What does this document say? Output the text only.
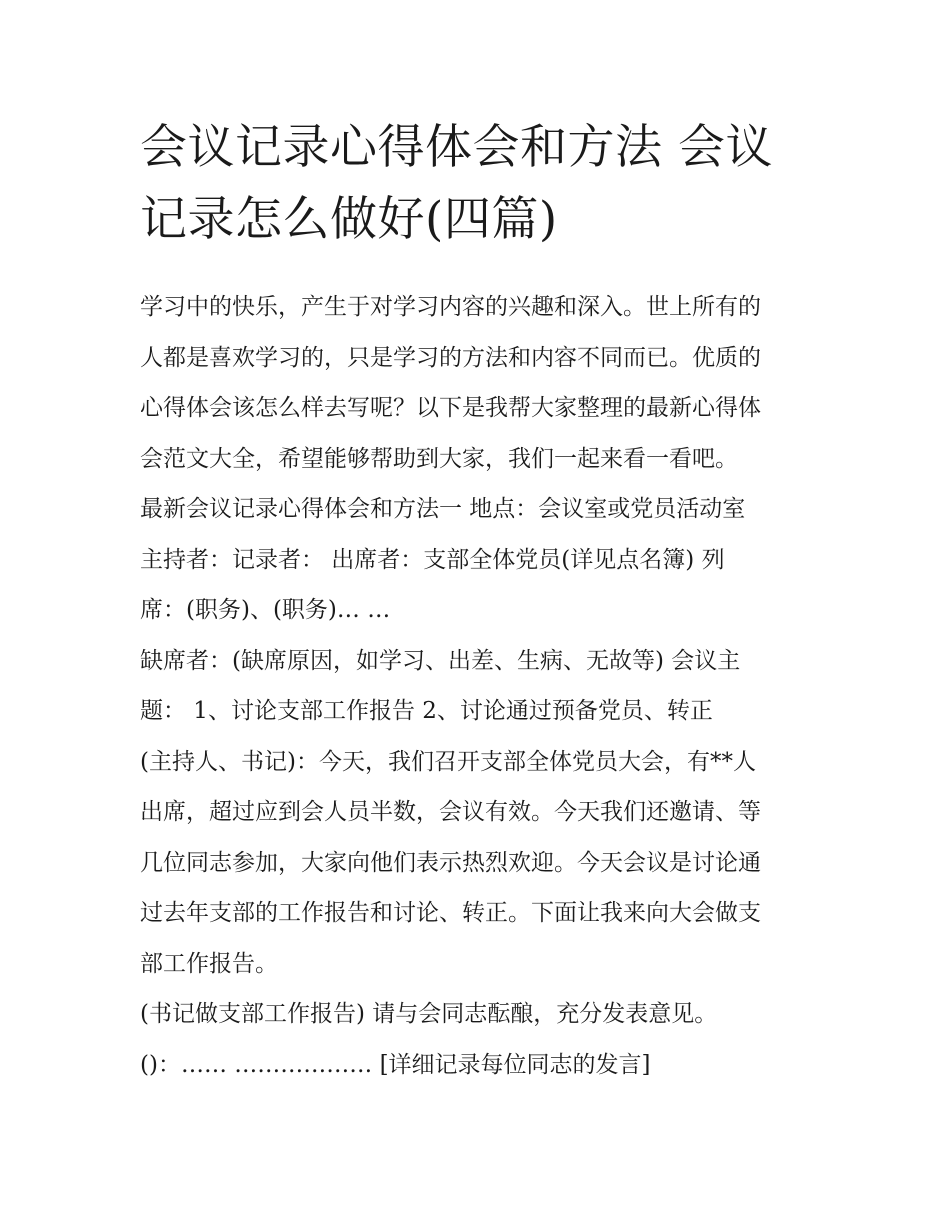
会议记录心得体会和方法 会议
记录怎么做好(四篇)

学习中的快乐，产生于对学习内容的兴趣和深入。世上所有的
人都是喜欢学习的，只是学习的方法和内容不同而已。优质的
心得体会该怎么样去写呢？以下是我帮大家整理的最新心得体
会范文大全，希望能够帮助到大家，我们一起来看一看吧。

最新会议记录心得体会和方法一 地点：会议室或党员活动室
主持者：记录者： 出席者：支部全体党员(详见点名簿) 列
席：(职务)、(职务)… …

缺席者：(缺席原因，如学习、出差、生病、无故等) 会议主
题： 1、讨论支部工作报告 2、讨论通过预备党员、转正
(主持人、书记)：今天，我们召开支部全体党员大会，有**人
出席，超过应到会人员半数，会议有效。今天我们还邀请、等
几位同志参加，大家向他们表示热烈欢迎。今天会议是讨论通
过去年支部的工作报告和讨论、转正。下面让我来向大会做支
部工作报告。

(书记做支部工作报告) 请与会同志酝酿，充分发表意见。

()：…… ……………… [详细记录每位同志的发言]
